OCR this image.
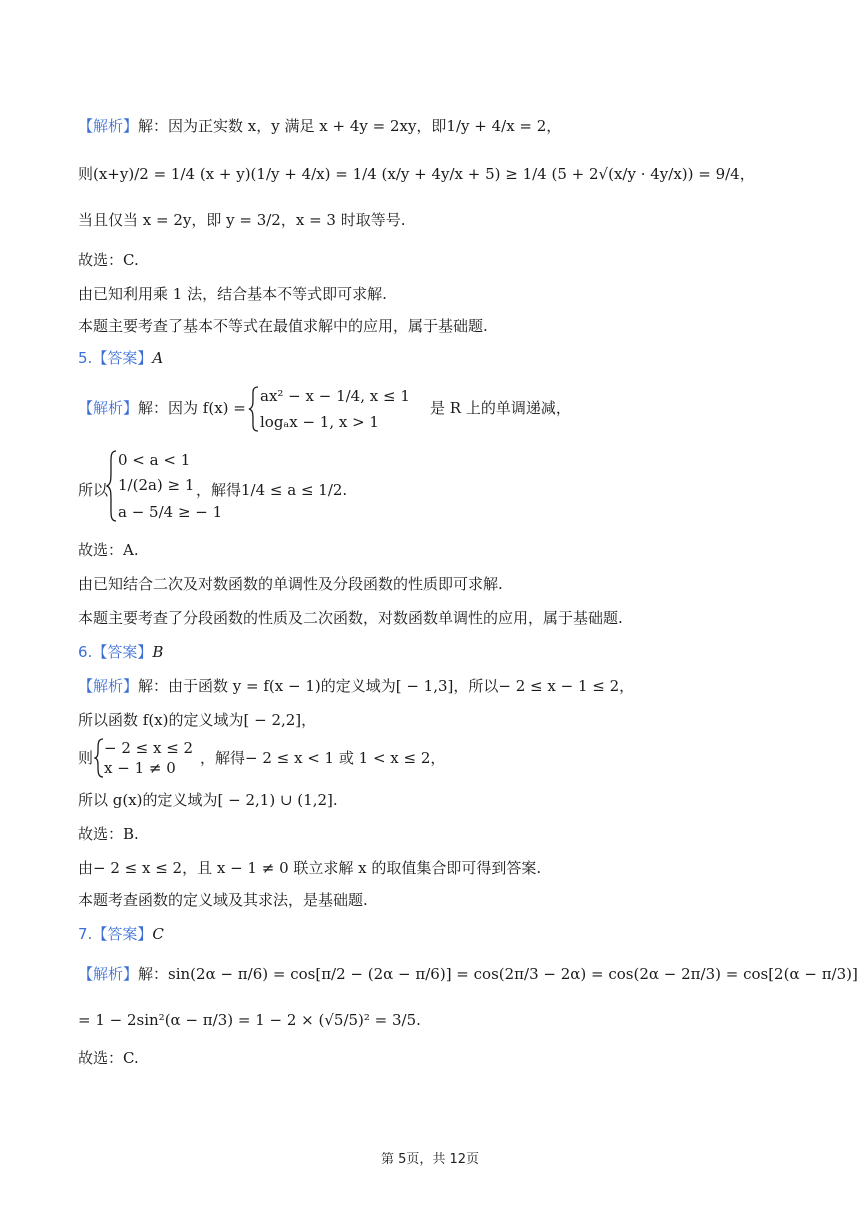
【解析】解：因为正实数 x，y 满足 x + 4y = 2xy，即1/y + 4/x = 2，
则(x+y)/2 = 1/4 (x + y)(1/y + 4/x) = 1/4 (x/y + 4y/x + 5) ≥ 1/4 (5 + 2√(x/y · 4y/x)) = 9/4，
当且仅当 x = 2y，即 y = 3/2，x = 3 时取等号.
故选：C.
由已知利用乘 1 法，结合基本不等式即可求解.
本题主要考查了基本不等式在最值求解中的应用，属于基础题.
5.【答案】A
【解析】解：因为 f(x) =
ax² − x − 1/4, x ≤ 1
logₐx − 1, x > 1
是 R 上的单调递减，
所以
0 < a < 1
1/(2a) ≥ 1
a − 5/4 ≥ − 1
，解得1/4 ≤ a ≤ 1/2.
故选：A.
由已知结合二次及对数函数的单调性及分段函数的性质即可求解.
本题主要考查了分段函数的性质及二次函数，对数函数单调性的应用，属于基础题.
6.【答案】B
【解析】解：由于函数 y = f(x − 1)的定义域为[ − 1,3]，所以− 2 ≤ x − 1 ≤ 2，
所以函数 f(x)的定义域为[ − 2,2]，
则
− 2 ≤ x ≤ 2
x − 1 ≠ 0
，解得− 2 ≤ x < 1 或 1 < x ≤ 2，
所以 g(x)的定义域为[ − 2,1) ∪ (1,2].
故选：B.
由− 2 ≤ x ≤ 2，且 x − 1 ≠ 0 联立求解 x 的取值集合即可得到答案.
本题考查函数的定义域及其求法，是基础题.
7.【答案】C
【解析】解：sin(2α − π/6) = cos[π/2 − (2α − π/6)] = cos(2π/3 − 2α) = cos(2α − 2π/3) = cos[2(α − π/3)]
= 1 − 2sin²(α − π/3) = 1 − 2 × (√5/5)² = 3/5.
故选：C.
第 5页，共 12页
